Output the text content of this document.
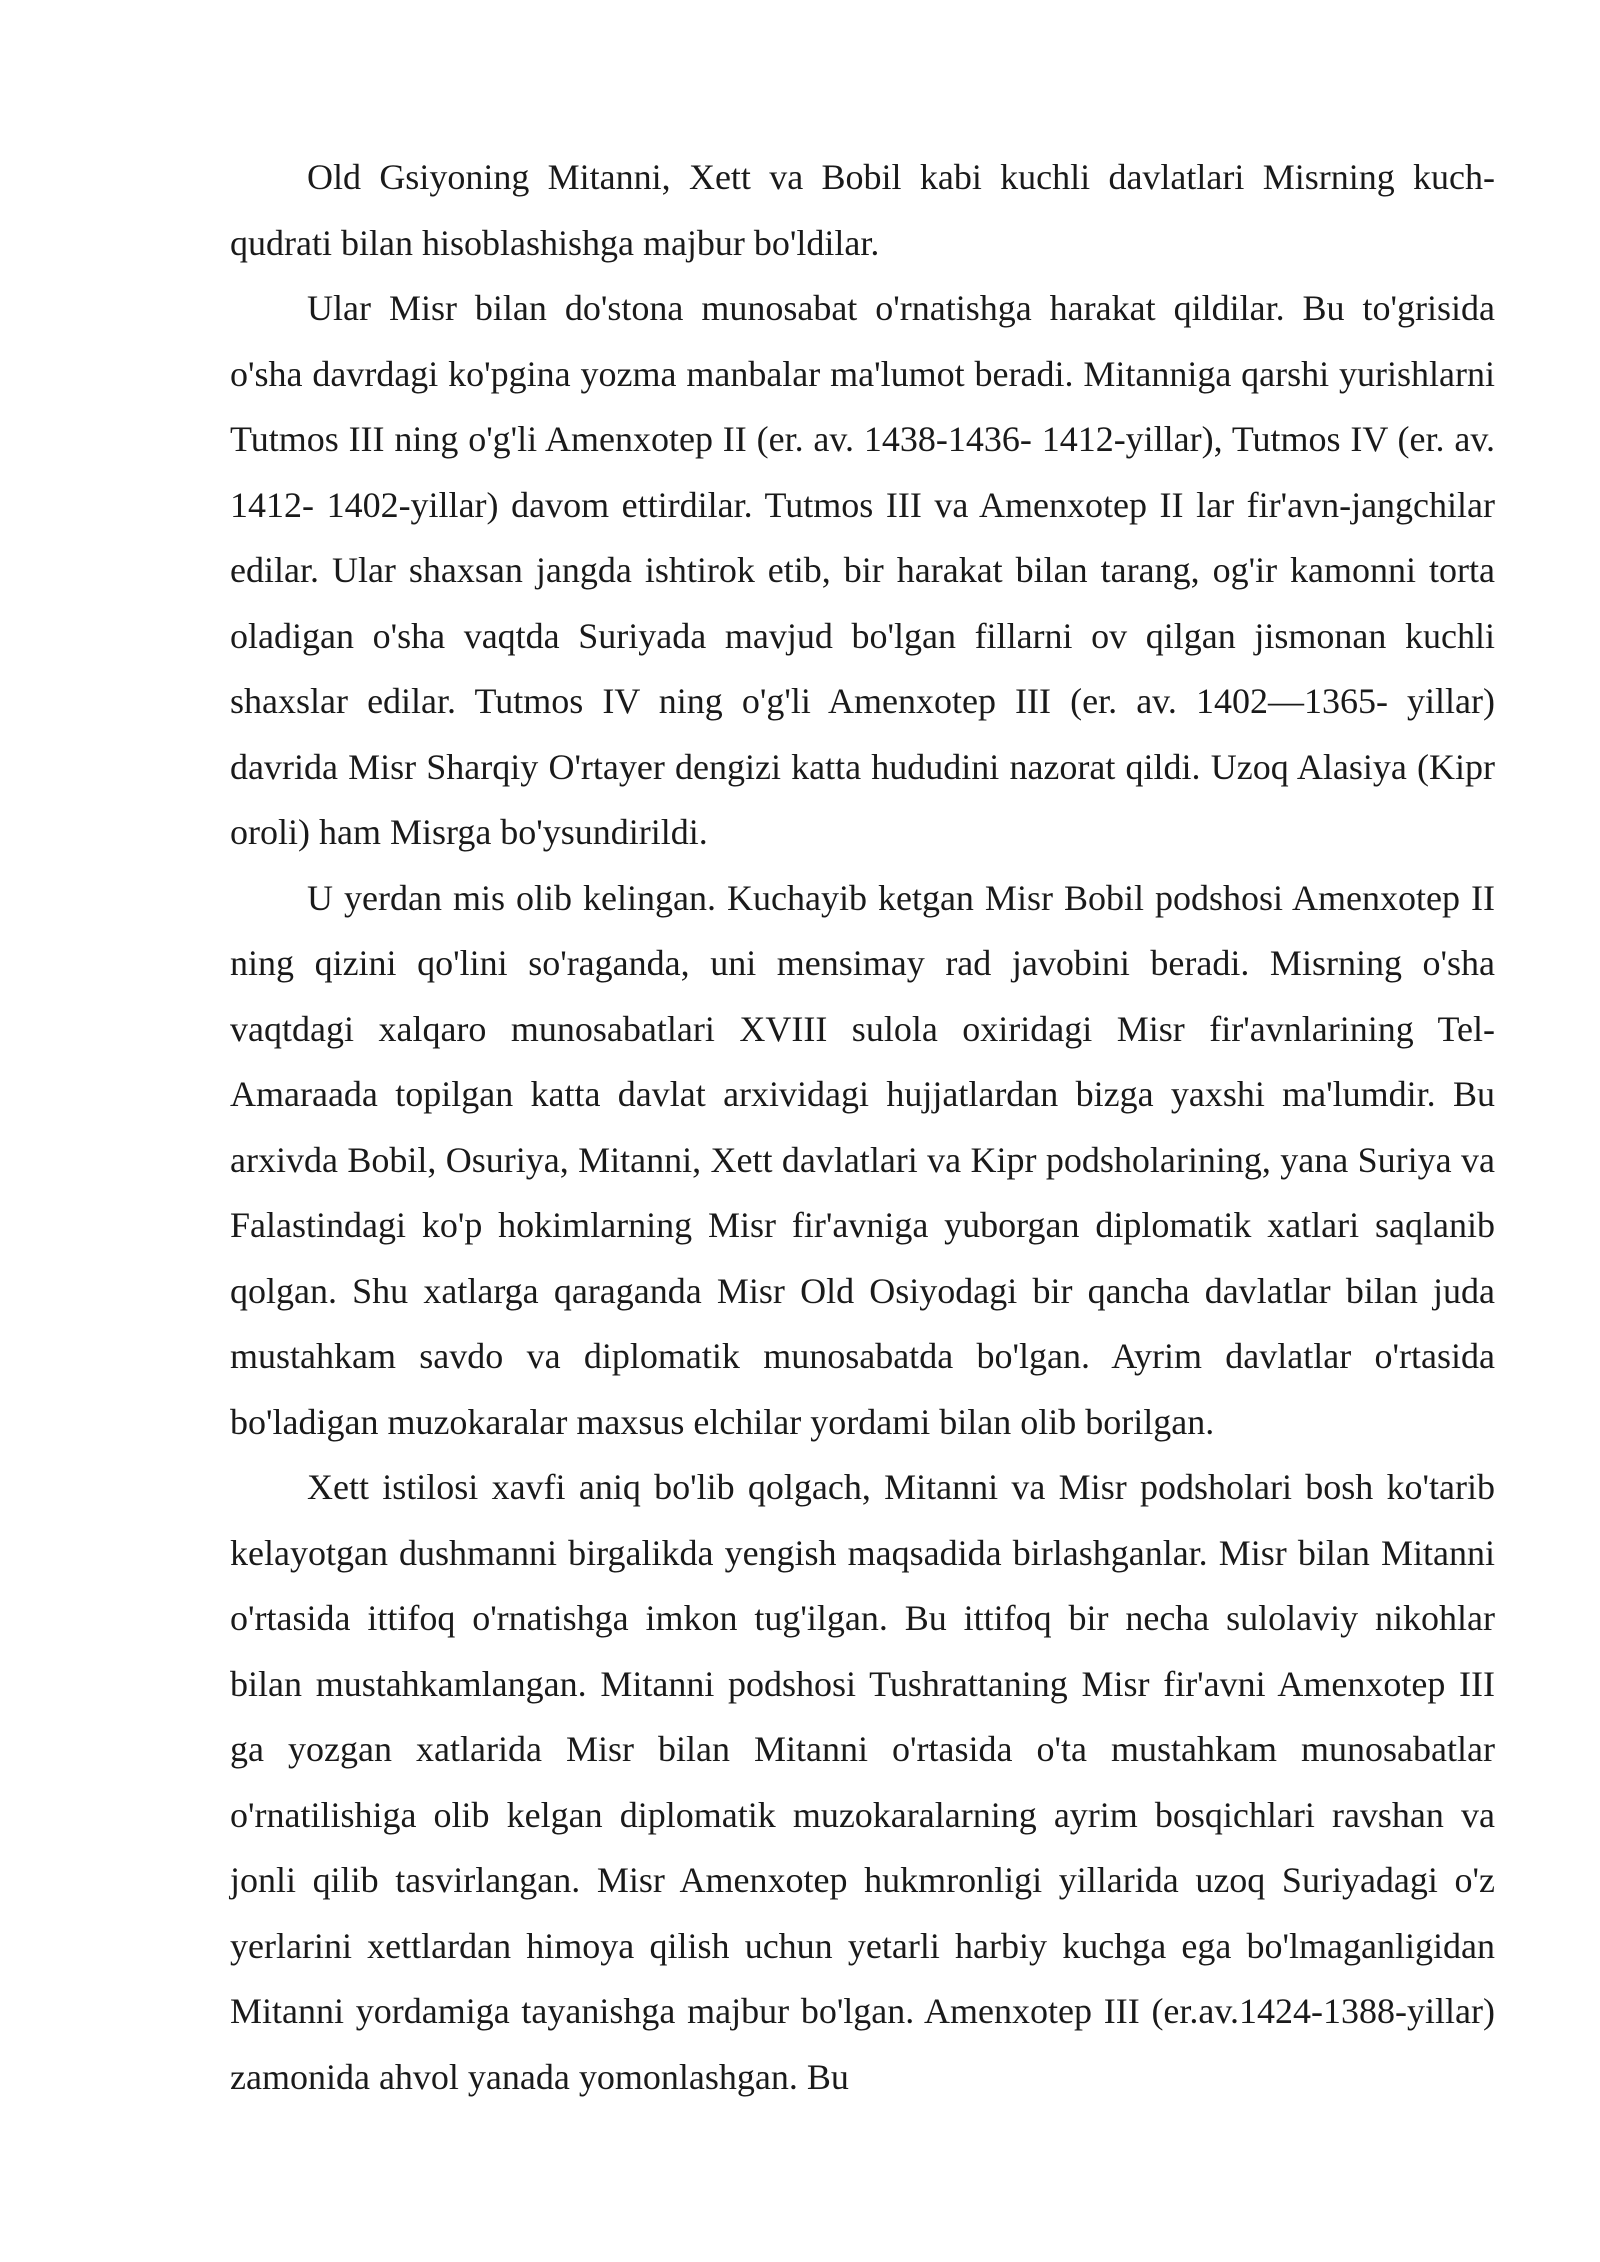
Old Gsiyoning Mitanni, Xett va Bobil kabi kuchli davlatlari Misrning kuch-qudrati bilan hisoblashishga majbur bo'ldilar.

Ular Misr bilan do'stona munosabat o'rnatishga harakat qildilar. Bu to'grisida o'sha davrdagi ko'pgina yozma manbalar ma'lumot beradi. Mitanniga qarshi yurishlarni Tutmos III ning o'g'li Amenxotep II (er. av. 1438-1436- 1412-yillar), Tutmos IV (er. av. 1412- 1402-yillar) davom ettirdilar. Tutmos III va Amenxotep II lar fir'avn-jangchilar edilar. Ular shaxsan jangda ishtirok etib, bir harakat bilan tarang, og'ir kamonni torta oladigan o'sha vaqtda Suriyada mavjud bo'lgan fillarni ov qilgan jismonan kuchli shaxslar edilar. Tutmos IV ning o'g'li Amenxotep III (er. av. 1402—1365- yillar) davrida Misr Sharqiy O'rtayer dengizi katta hududini nazorat qildi. Uzoq Alasiya (Kipr oroli) ham Misrga bo'ysundirildi.

U yerdan mis olib kelingan. Kuchayib ketgan Misr Bobil podshosi Amenxotep II ning qizini qo'lini so'raganda, uni mensimay rad javobini beradi. Misrning o'sha vaqtdagi xalqaro munosabatlari XVIII sulola oxiridagi Misr fir'avnlarining Tel-Amaraada topilgan katta davlat arxividagi hujjatlardan bizga yaxshi ma'lumdir. Bu arxivda Bobil, Osuriya, Mitanni, Xett davlatlari va Kipr podsholarining, yana Suriya va Falastindagi ko'p hokimlarning Misr fir'avniga yuborgan diplomatik xatlari saqlanib qolgan. Shu xatlarga qaraganda Misr Old Osiyodagi bir qancha davlatlar bilan juda mustahkam savdo va diplomatik munosabatda bo'lgan. Ayrim davlatlar o'rtasida bo'ladigan muzokaralar maxsus elchilar yordami bilan olib borilgan.

Xett istilosi xavfi aniq bo'lib qolgach, Mitanni va Misr podsholari bosh ko'tarib kelayotgan dushmanni birgalikda yengish maqsadida birlashganlar. Misr bilan Mitanni o'rtasida ittifoq o'rnatishga imkon tug'ilgan. Bu ittifoq bir necha sulolaviy nikohlar bilan mustahkamlangan. Mitanni podshosi Tushrattaning Misr fir'avni Amenxotep III ga yozgan xatlarida Misr bilan Mitanni o'rtasida o'ta mustahkam munosabatlar o'rnatilishiga olib kelgan diplomatik muzokaralarning ayrim bosqichlari ravshan va jonli qilib tasvirlangan. Misr Amenxotep hukmronligi yillarida uzoq Suriyadagi o'z yerlarini xettlardan himoya qilish uchun yetarli harbiy kuchga ega bo'lmaganligidan Mitanni yordamiga tayanishga majbur bo'lgan. Amenxotep III (er.av.1424-1388-yillar) zamonida ahvol yanada yomonlashgan. Bu
